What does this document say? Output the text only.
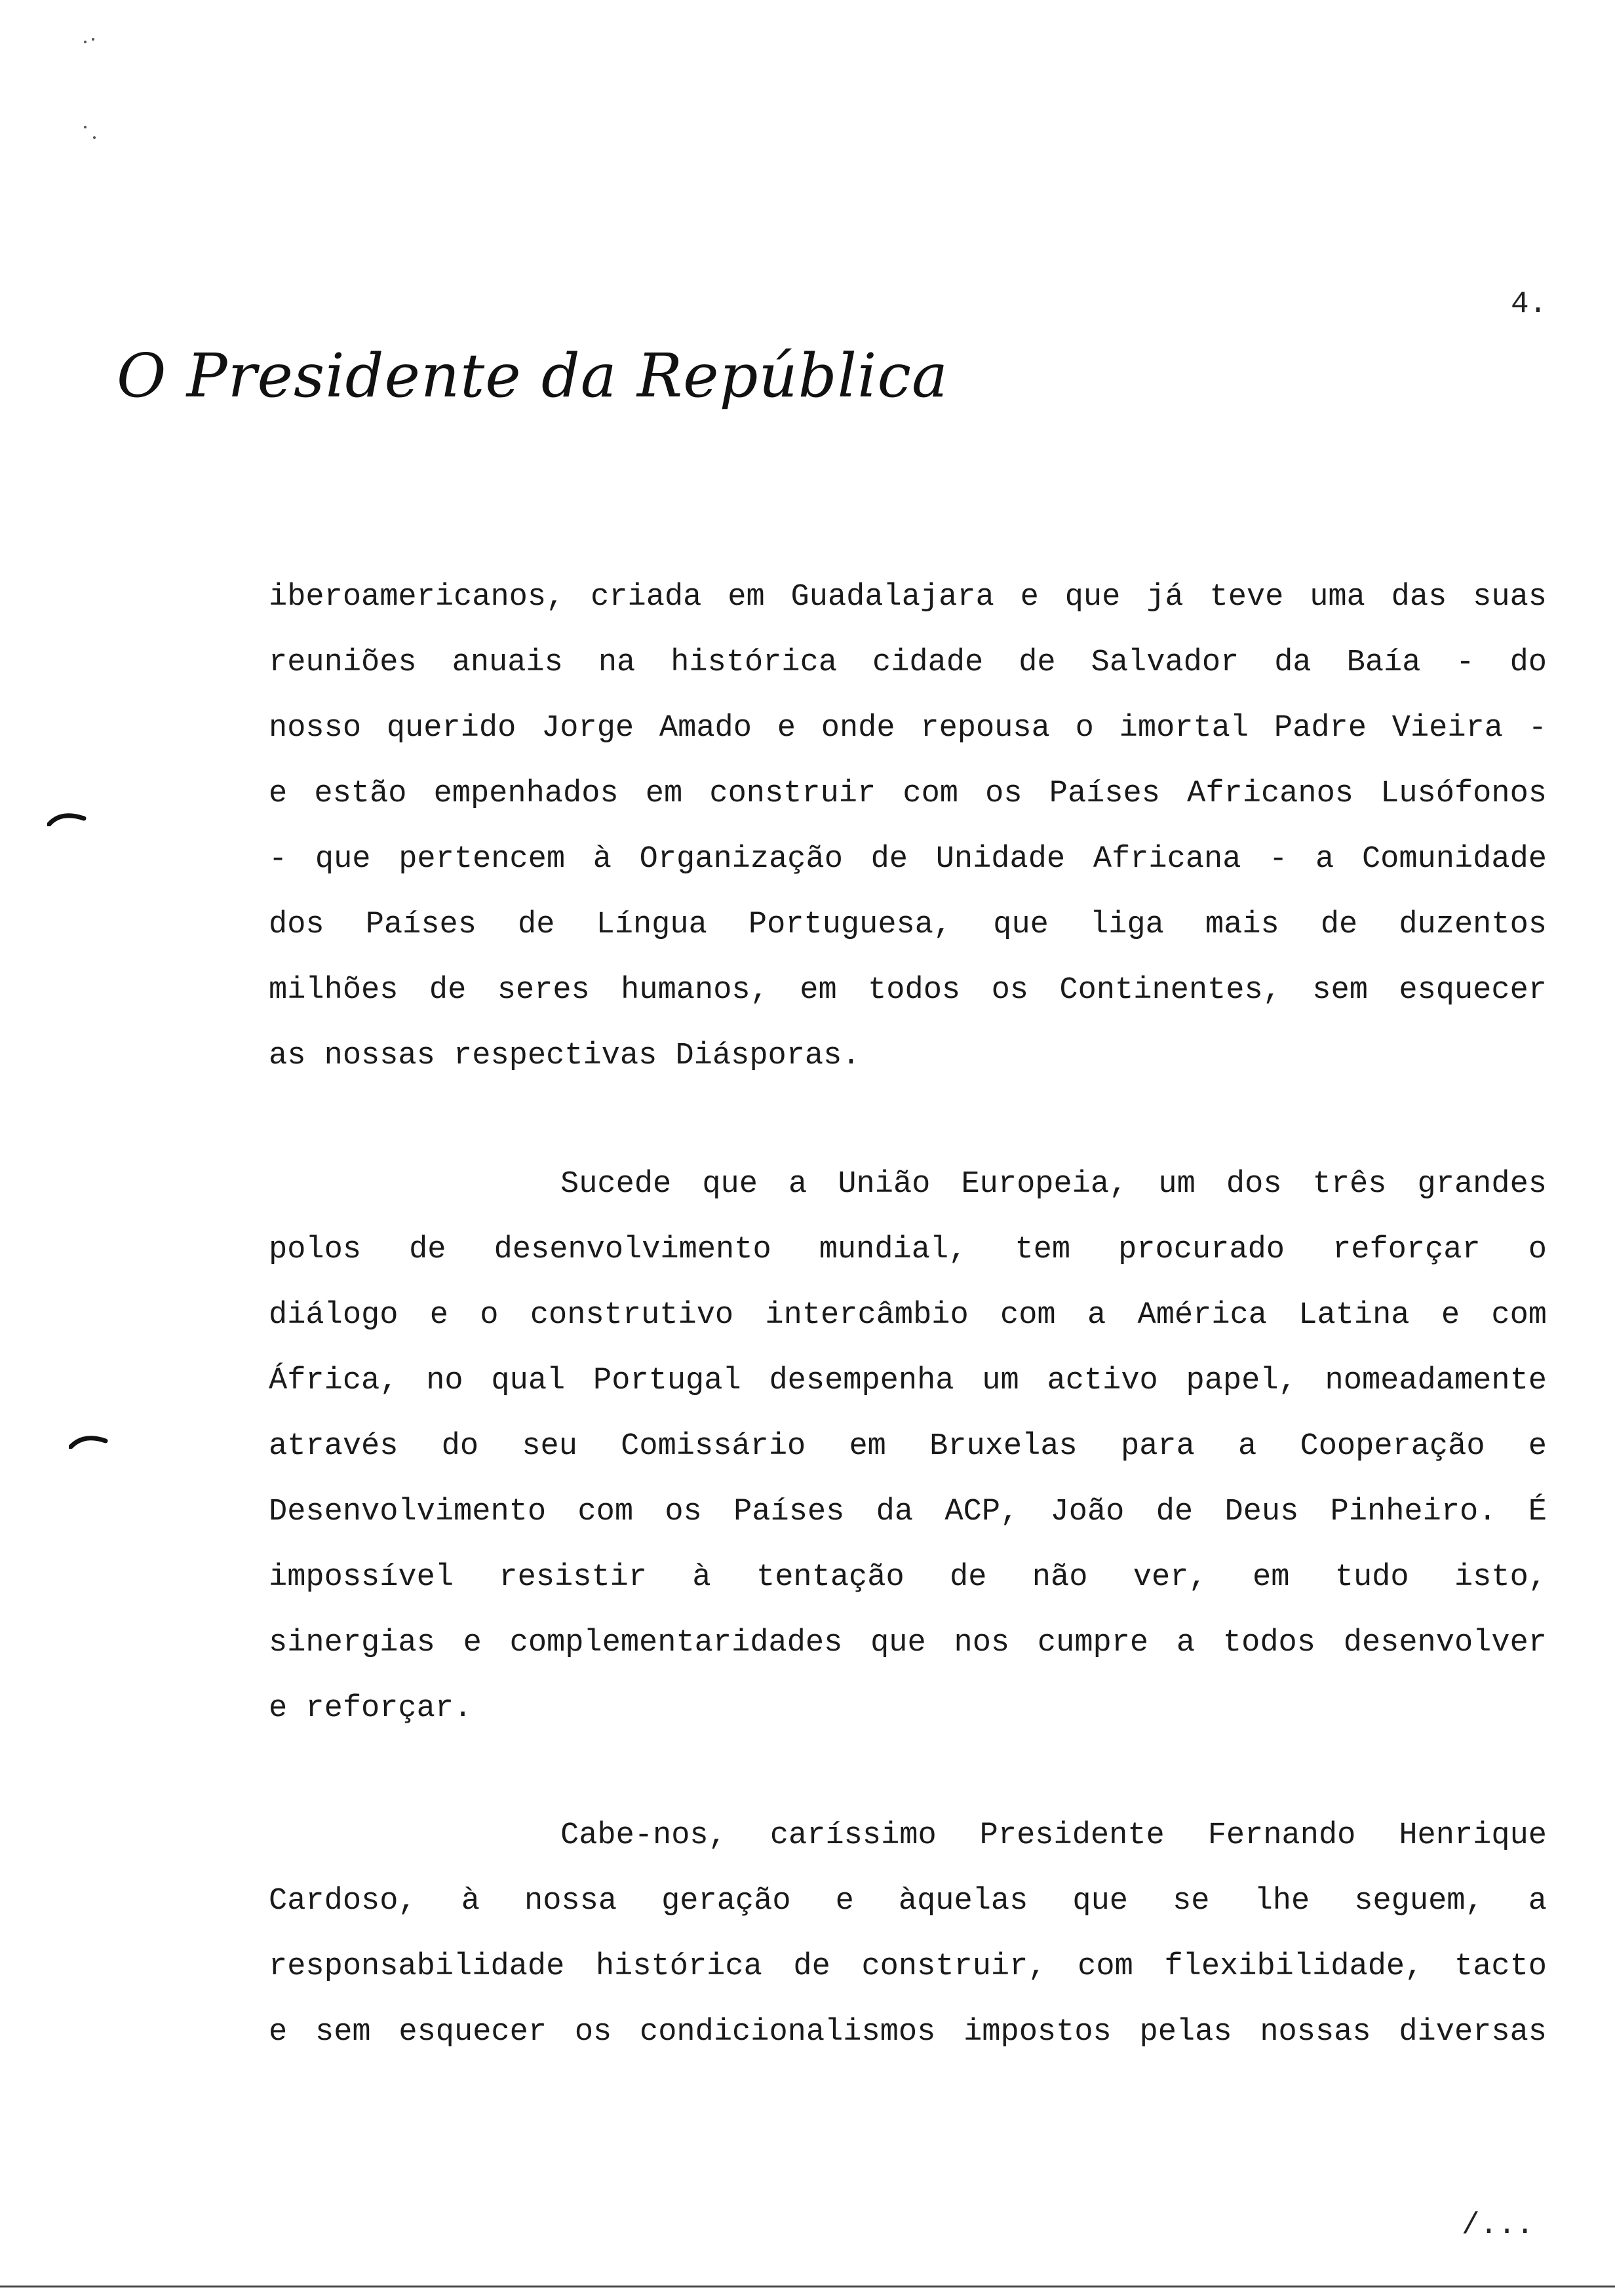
4.
O Presidente da República
iberoamericanos, criada em Guadalajara e que já teve uma das suas
reuniões anuais na histórica cidade de Salvador da Baía - do
nosso querido Jorge Amado e onde repousa o imortal Padre Vieira -
e estão empenhados em construir com os Países Africanos Lusófonos
- que pertencem à Organização de Unidade Africana - a Comunidade
dos Países de Língua Portuguesa, que liga mais de duzentos
milhões de seres humanos, em todos os Continentes, sem esquecer
as nossas respectivas Diásporas.
Sucede que a União Europeia, um dos três grandes
polos de desenvolvimento mundial, tem procurado reforçar o
diálogo e o construtivo intercâmbio com a América Latina e com
África, no qual Portugal desempenha um activo papel, nomeadamente
através do seu Comissário em Bruxelas para a Cooperação e
Desenvolvimento com os Países da ACP, João de Deus Pinheiro. É
impossível resistir à tentação de não ver, em tudo isto,
sinergias e complementaridades que nos cumpre a todos desenvolver
e reforçar.
Cabe-nos, caríssimo Presidente Fernando Henrique
Cardoso, à nossa geração e àquelas que se lhe seguem, a
responsabilidade histórica de construir, com flexibilidade, tacto
e sem esquecer os condicionalismos impostos pelas nossas diversas
/...
